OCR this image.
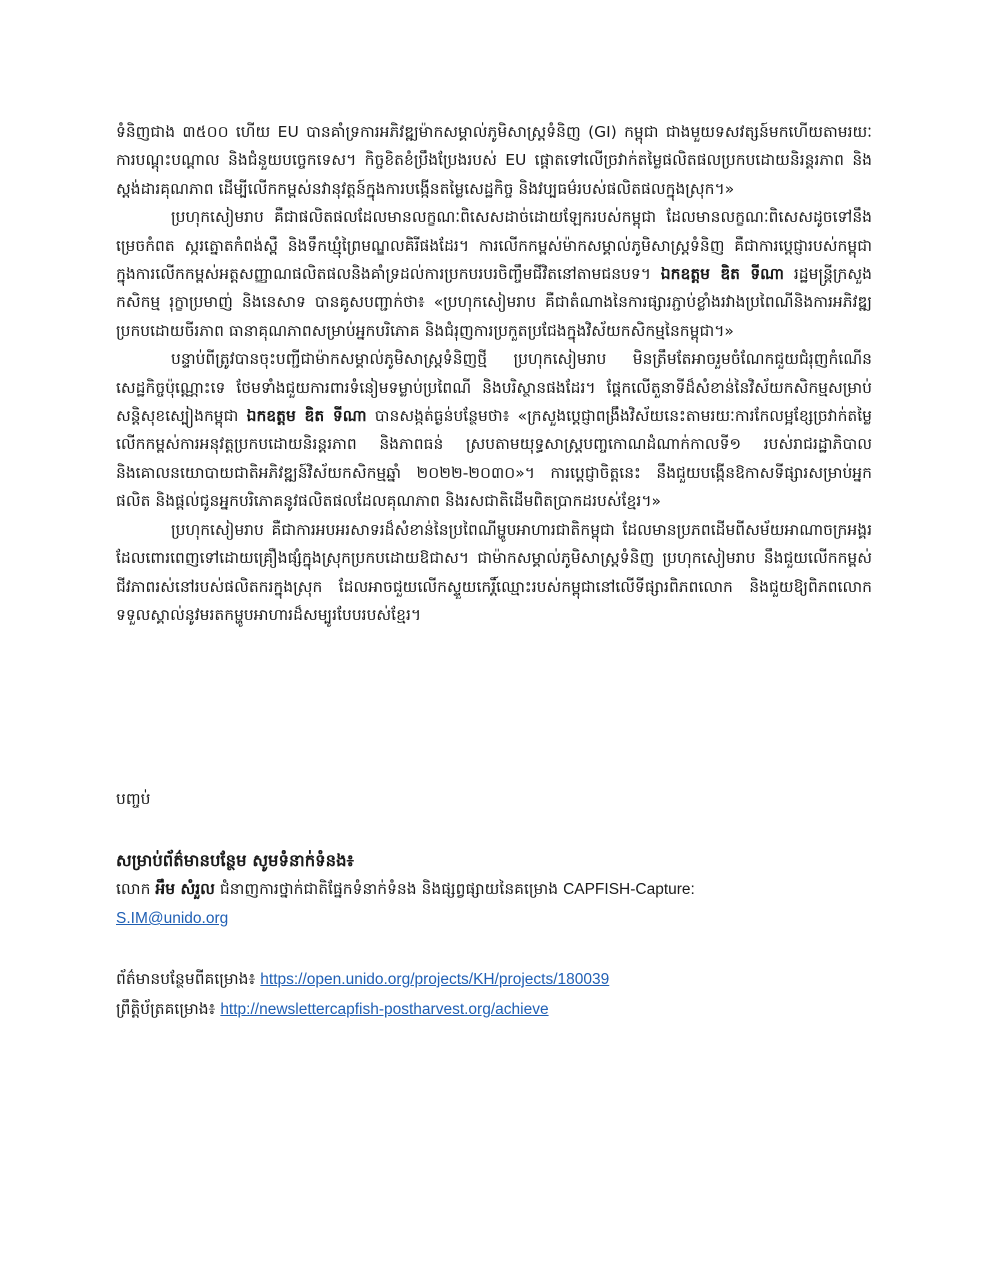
ទំនិញជាង ៣៥០០ ហើយ EU បានគាំទ្រការអភិវឌ្ឍម៉ាកសម្គាល់ភូមិសាស្ត្រទំនិញ (GI) កម្ពុជា ជាងមួយទសវត្សន៍មកហើយតាមរយៈការបណ្តុះបណ្តាល និងជំនួយបច្ចេកទេស។ កិច្ចខិតខំប្រឹងប្រែងរបស់ EU ផ្តោតទៅលើច្រវាក់តម្លៃផលិតផលប្រកបដោយនិរន្តរភាព និងស្តង់ដារគុណភាព ដើម្បីលើកកម្ពស់នវានុវត្តន៍ក្នុងការបង្កើនតម្លៃសេដ្ឋកិច្ច និងវប្បធម៌របស់ផលិតផលក្នុងស្រុក។»

ប្រហុកសៀមរាប គឺជាផលិតផលដែលមានលក្ខណៈពិសេសដាច់ដោយឡែករបស់កម្ពុជា ដែលមានលក្ខណៈពិសេសដូចទៅនឹង ម្រេចកំពត ស្ករត្នោតកំពង់ស្ពឺ និងទឹកឃ្មុំព្រៃមណ្ឌលគិរីផងដែរ។ ការលើកកម្ពស់ម៉ាកសម្គាល់ភូមិសាស្ត្រទំនិញ គឺជាការប្តេជ្ញារបស់កម្ពុជាក្នុងការលើកកម្ពស់អត្តសញ្ញាណផលិតផលនិងគាំទ្រដល់ការប្រកបរបរចិញ្ចឹមជីវិតនៅតាមជនបទ។ ឯកឧត្តម ឌិត ទីណា រដ្ឋមន្ត្រីក្រសួងកសិកម្ម រុក្ខាប្រមាញ់ និងនេសាទ បានគូសបញ្ជាក់ថា៖ «ប្រហុកសៀមរាប គឺជាតំណាងនៃការផ្សារភ្ជាប់ខ្លាំងរវាងប្រពៃណីនិងការអភិវឌ្ឍប្រកបដោយចីរភាព ធានាគុណភាពសម្រាប់អ្នកបរិភោគ និងជំរុញការប្រកួតប្រជែងក្នុងវិស័យកសិកម្មនៃកម្ពុជា។»

បន្ទាប់ពីត្រូវបានចុះបញ្ជីជាម៉ាកសម្គាល់ភូមិសាស្ត្រទំនិញថ្មី ប្រហុកសៀមរាប មិនត្រឹមតែអាចរួមចំណែកជួយជំរុញកំណើនសេដ្ឋកិច្ចប៉ុណ្ណោះទេ ថែមទាំងជួយការពារទំនៀមទម្លាប់ប្រពៃណី និងបរិស្ថានផងដែរ។ ផ្តែកលើតួនាទីដ៏សំខាន់នៃវិស័យកសិកម្មសម្រាប់សន្តិសុខស្បៀងកម្ពុជា ឯកឧត្តម ឌិត ទីណា បានសង្កត់ធ្ងន់បន្ថែមថា៖ «ក្រសួងប្តេជ្ញាពង្រឹងវិស័យនេះតាមរយៈការកែលម្អខ្សែច្រវាក់តម្លៃ លើកកម្ពស់ការអនុវត្តប្រកបដោយនិរន្តរភាព និងភាពធន់ ស្របតាមយុទ្ធសាស្ត្របញ្ចកោណដំណាក់កាលទី១ របស់រាជរដ្ឋាភិបាល និងគោលនយោបាយជាតិអភិវឌ្ឍន៍វិស័យកសិកម្មឆ្នាំ ២០២២-២០៣០»។ ការប្តេជ្ញាចិត្តនេះ នឹងជួយបង្កើនឱកាសទីផ្សារសម្រាប់អ្នកផលិត និងផ្តល់ជូនអ្នកបរិភោគនូវផលិតផលដែលគុណភាព និងរសជាតិដើមពិតប្រាកដរបស់ខ្មែរ។»

ប្រហុកសៀមរាប គឺជាការអបអរសាទរដ៏សំខាន់នៃប្រពៃណីម្ហូបអាហារជាតិកម្ពុជា ដែលមានប្រភពដើមពីសម័យអាណាចក្រអង្គរ ដែលពោរពេញទៅដោយគ្រឿងផ្សំក្នុងស្រុកប្រកបដោយឱជាស។ ជាម៉ាកសម្គាល់ភូមិសាស្ត្រទំនិញ ប្រហុកសៀមរាប នឹងជួយលើកកម្ពស់ជីវភាពរស់នៅរបស់ផលិតករក្នុងស្រុក ដែលអាចជួយលើកស្ទួយកេរ្តិ៍ឈ្មោះរបស់កម្ពុជានៅលើទីផ្សារពិភពលោក និងជួយឱ្យពិភពលោកទទួលស្គាល់នូវមរតកម្ហូបអាហារដ៏សម្បូរបែបរបស់ខ្មែរ។

បញ្ចប់
សម្រាប់ព័ត៌មានបន្ថែម សូមទំនាក់ទំនង៖
លោក អឹម សំរួល ជំនាញការថ្នាក់ជាតិផ្នែកទំនាក់ទំនង និងផ្សព្វផ្សាយនៃគម្រោង CAPFISH-Capture:
S.IM@unido.org
ព័ត៌មានបន្ថែមពីគម្រោង៖ https://open.unido.org/projects/KH/projects/180039
ព្រឹត្តិប័ត្រគម្រោង៖ http://newslettercapfish-postharvest.org/achieve
